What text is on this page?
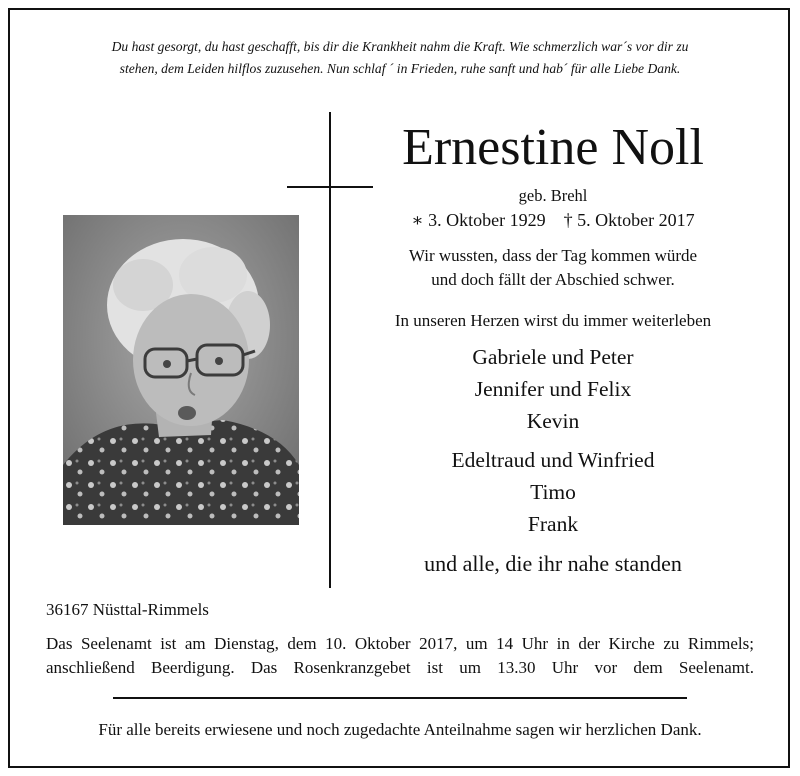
Du hast gesorgt, du hast geschafft, bis dir die Krankheit nahm die Kraft. Wie schmerzlich war´s vor dir zu
stehen, dem Leiden hilflos zuzusehen. Nun schlaf ´ in Frieden, ruhe sanft und hab´ für alle Liebe Dank.
Ernestine Noll
geb. Brehl
∗ 3. Oktober 1929 † 5. Oktober 2017
Wir wussten, dass der Tag kommen würde
und doch fällt der Abschied schwer.
In unseren Herzen wirst du immer weiterleben
Gabriele und Peter
Jennifer und Felix
Kevin
Edeltraud und Winfried
Timo
Frank
und alle, die ihr nahe standen
36167 Nüsttal-Rimmels
Das Seelenamt ist am Dienstag, dem 10. Oktober 2017, um 14 Uhr in der Kirche zu Rimmels;
anschließend Beerdigung. Das Rosenkranzgebet ist um 13.30 Uhr vor dem Seelenamt.
Für alle bereits erwiesene und noch zugedachte Anteilnahme sagen wir herzlichen Dank.
